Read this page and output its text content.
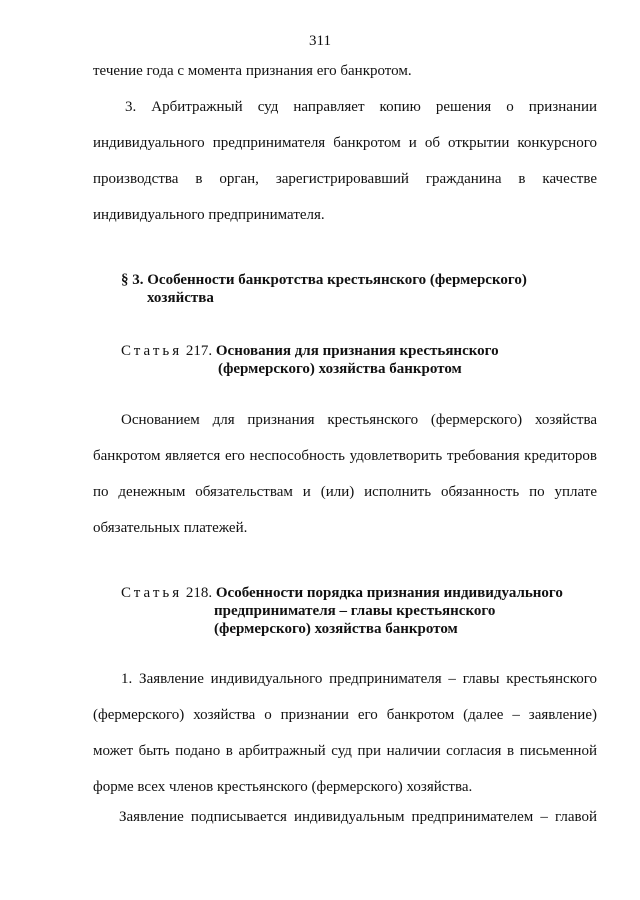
311
течение года с момента признания его банкротом.
3. Арбитражный суд направляет копию решения о признании
индивидуального предпринимателя банкротом и об открытии конкурсного
производства в орган, зарегистрировавший гражданина в качестве
индивидуального предпринимателя.
§ 3. Особенности банкротства крестьянского (фермерского)
хозяйства
Статья 217. Основания для признания крестьянского
(фермерского) хозяйства банкротом
Основанием для признания крестьянского (фермерского) хозяйства
банкротом является его неспособность удовлетворить требования кредиторов
по денежным обязательствам и (или) исполнить обязанность по уплате
обязательных платежей.
Статья 218. Особенности порядка признания индивидуального
предпринимателя – главы крестьянского
(фермерского) хозяйства банкротом
1. Заявление индивидуального предпринимателя – главы крестьянского
(фермерского) хозяйства о признании его банкротом (далее – заявление)
может быть подано в арбитражный суд при наличии согласия в письменной
форме всех членов крестьянского (фермерского) хозяйства.
Заявление подписывается индивидуальным предпринимателем – главой
